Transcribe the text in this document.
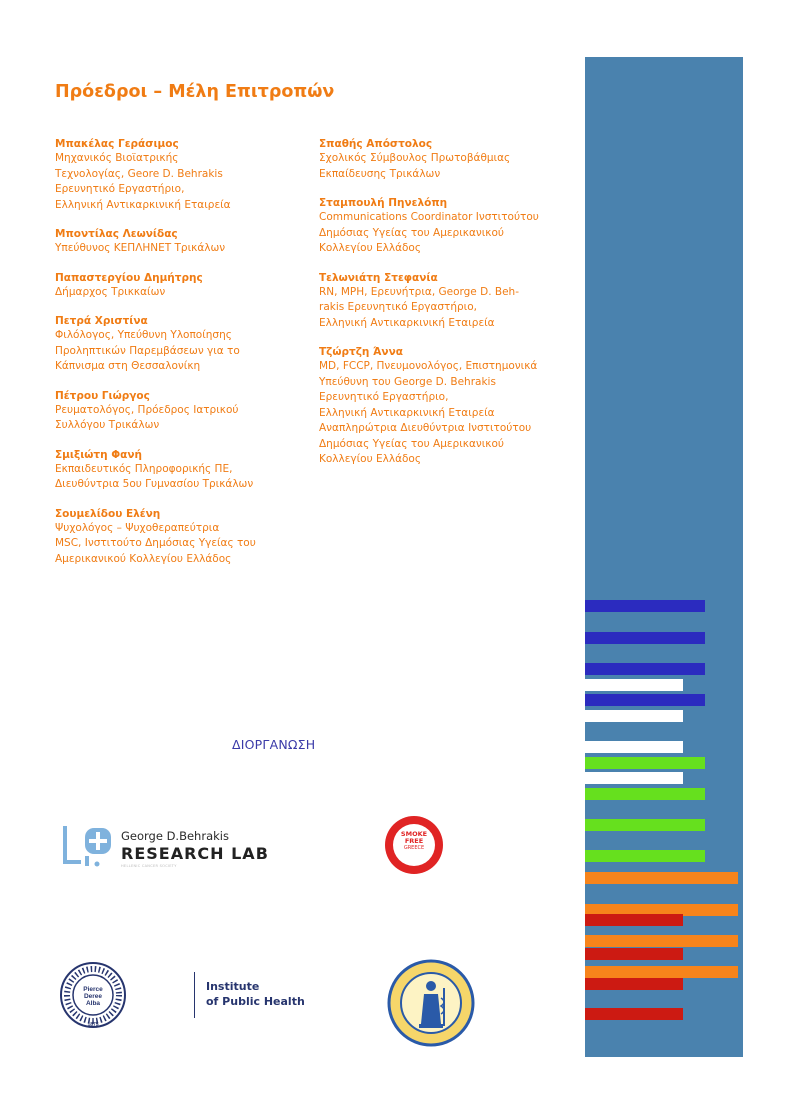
Πρόεδροι – Μέλη Επιτροπών
Μπακέλας Γεράσιμος
Μηχανικός Βιοϊατρικής
Τεχνολογίας, Geore D. Behrakis
Ερευνητικό Εργαστήριο,
Ελληνική Αντικαρκινική Εταιρεία
Μποντίλας Λεωνίδας
Υπεύθυνος ΚΕΠΛΗΝΕΤ Τρικάλων
Παπαστεργίου Δημήτρης
Δήμαρχος Τρικκαίων
Πετρά Χριστίνα
Φιλόλογος, Υπεύθυνη Υλοποίησης
Προληπτικών Παρεμβάσεων για το
Κάπνισμα στη Θεσσαλονίκη
Πέτρου Γιώργος
Ρευματολόγος, Πρόεδρος Ιατρικού
Συλλόγου Τρικάλων
Σμιξιώτη Φανή
Εκπαιδευτικός Πληροφορικής ΠΕ,
Διευθύντρια 5ου Γυμνασίου Τρικάλων
Σουμελίδου Ελένη
Ψυχολόγος – Ψυχοθεραπεύτρια
MSC, Ινστιτούτο Δημόσιας Υγείας του
Αμερικανικού Κολλεγίου Ελλάδος
Σπαθής Απόστολος
Σχολικός Σύμβουλος Πρωτοβάθμιας
Εκπαίδευσης Τρικάλων
Σταμπουλή Πηνελόπη
Communications Coordinator Ινστιτούτου
Δημόσιας Υγείας του Αμερικανικού
Κολλεγίου Ελλάδος
Τελωνιάτη Στεφανία
RN, MPH, Ερευνήτρια, George D. Beh-
rakis Ερευνητικό Εργαστήριο,
Ελληνική Αντικαρκινική Εταιρεία
Τζώρτζη Άννα
MD, FCCP, Πνευμονολόγος, Επιστημονικά
Υπεύθυνη του George D. Behrakis
Ερευνητικό Εργαστήριο,
Ελληνική Αντικαρκινική Εταιρεία
Αναπληρώτρια Διευθύντρια Ινστιτούτου
Δημόσιας Υγείας του Αμερικανικού
Κολλεγίου Ελλάδος
ΔΙΟΡΓΑΝΩΣΗ
George D.Behrakis
RESEARCH LAB
HELLENIC CANCER SOCIETY
SMOKE
FREE
GREECE
Pierce
Deree
Alba
1875
Institute
of Public Health
